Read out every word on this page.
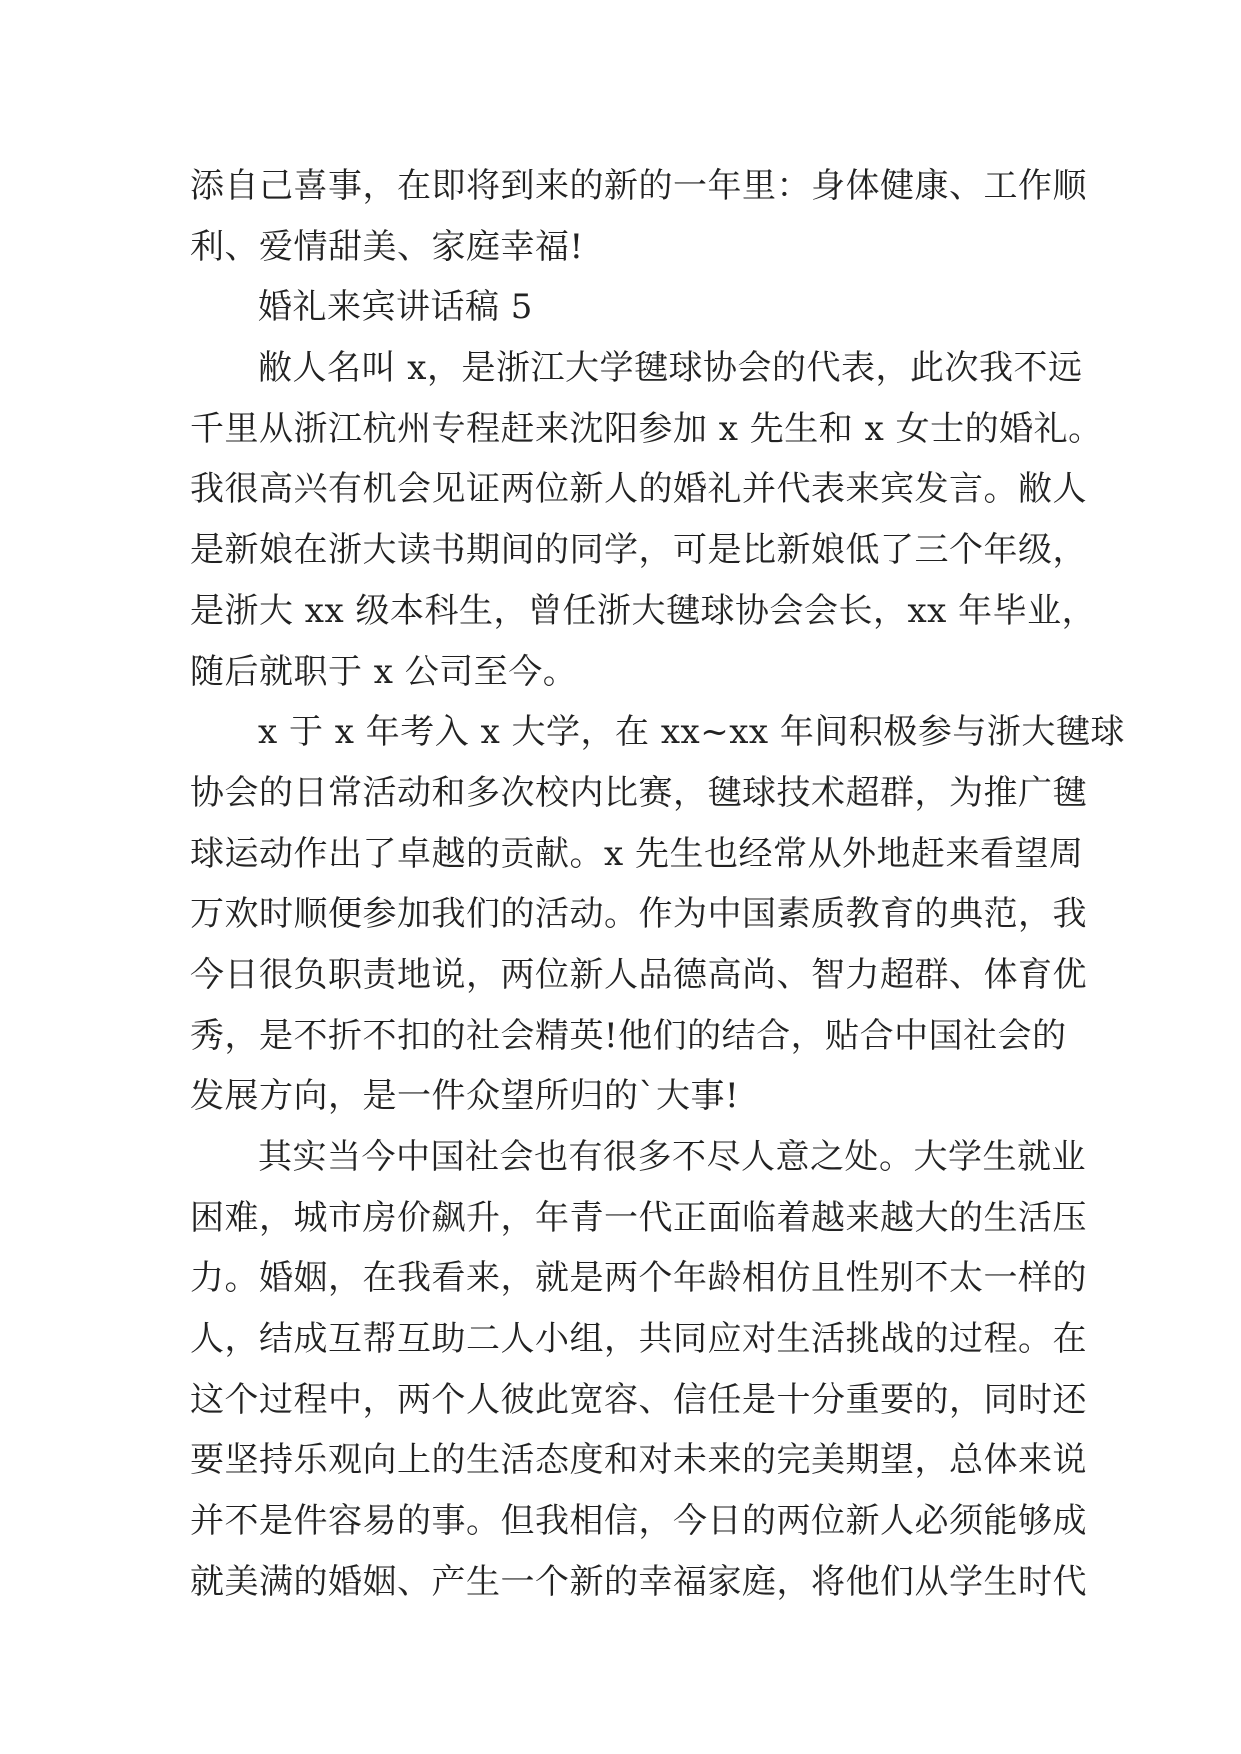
添自己喜事，在即将到来的新的一年里：身体健康、工作顺
利、爱情甜美、家庭幸福!
婚礼来宾讲话稿 5
敝人名叫 x，是浙江大学毽球协会的代表，此次我不远
千里从浙江杭州专程赶来沈阳参加 x 先生和 x 女士的婚礼。
我很高兴有机会见证两位新人的婚礼并代表来宾发言。敝人
是新娘在浙大读书期间的同学，可是比新娘低了三个年级，
是浙大 xx 级本科生，曾任浙大毽球协会会长，xx 年毕业，
随后就职于 x 公司至今。
x 于 x 年考入 x 大学，在 xx~xx 年间积极参与浙大毽球
协会的日常活动和多次校内比赛，毽球技术超群，为推广毽
球运动作出了卓越的贡献。x 先生也经常从外地赶来看望周
万欢时顺便参加我们的活动。作为中国素质教育的典范，我
今日很负职责地说，两位新人品德高尚、智力超群、体育优
秀，是不折不扣的社会精英!他们的结合，贴合中国社会的
发展方向，是一件众望所归的`大事!
其实当今中国社会也有很多不尽人意之处。大学生就业
困难，城市房价飙升，年青一代正面临着越来越大的生活压
力。婚姻，在我看来，就是两个年龄相仿且性别不太一样的
人，结成互帮互助二人小组，共同应对生活挑战的过程。在
这个过程中，两个人彼此宽容、信任是十分重要的，同时还
要坚持乐观向上的生活态度和对未来的完美期望，总体来说
并不是件容易的事。但我相信，今日的两位新人必须能够成
就美满的婚姻、产生一个新的幸福家庭，将他们从学生时代
